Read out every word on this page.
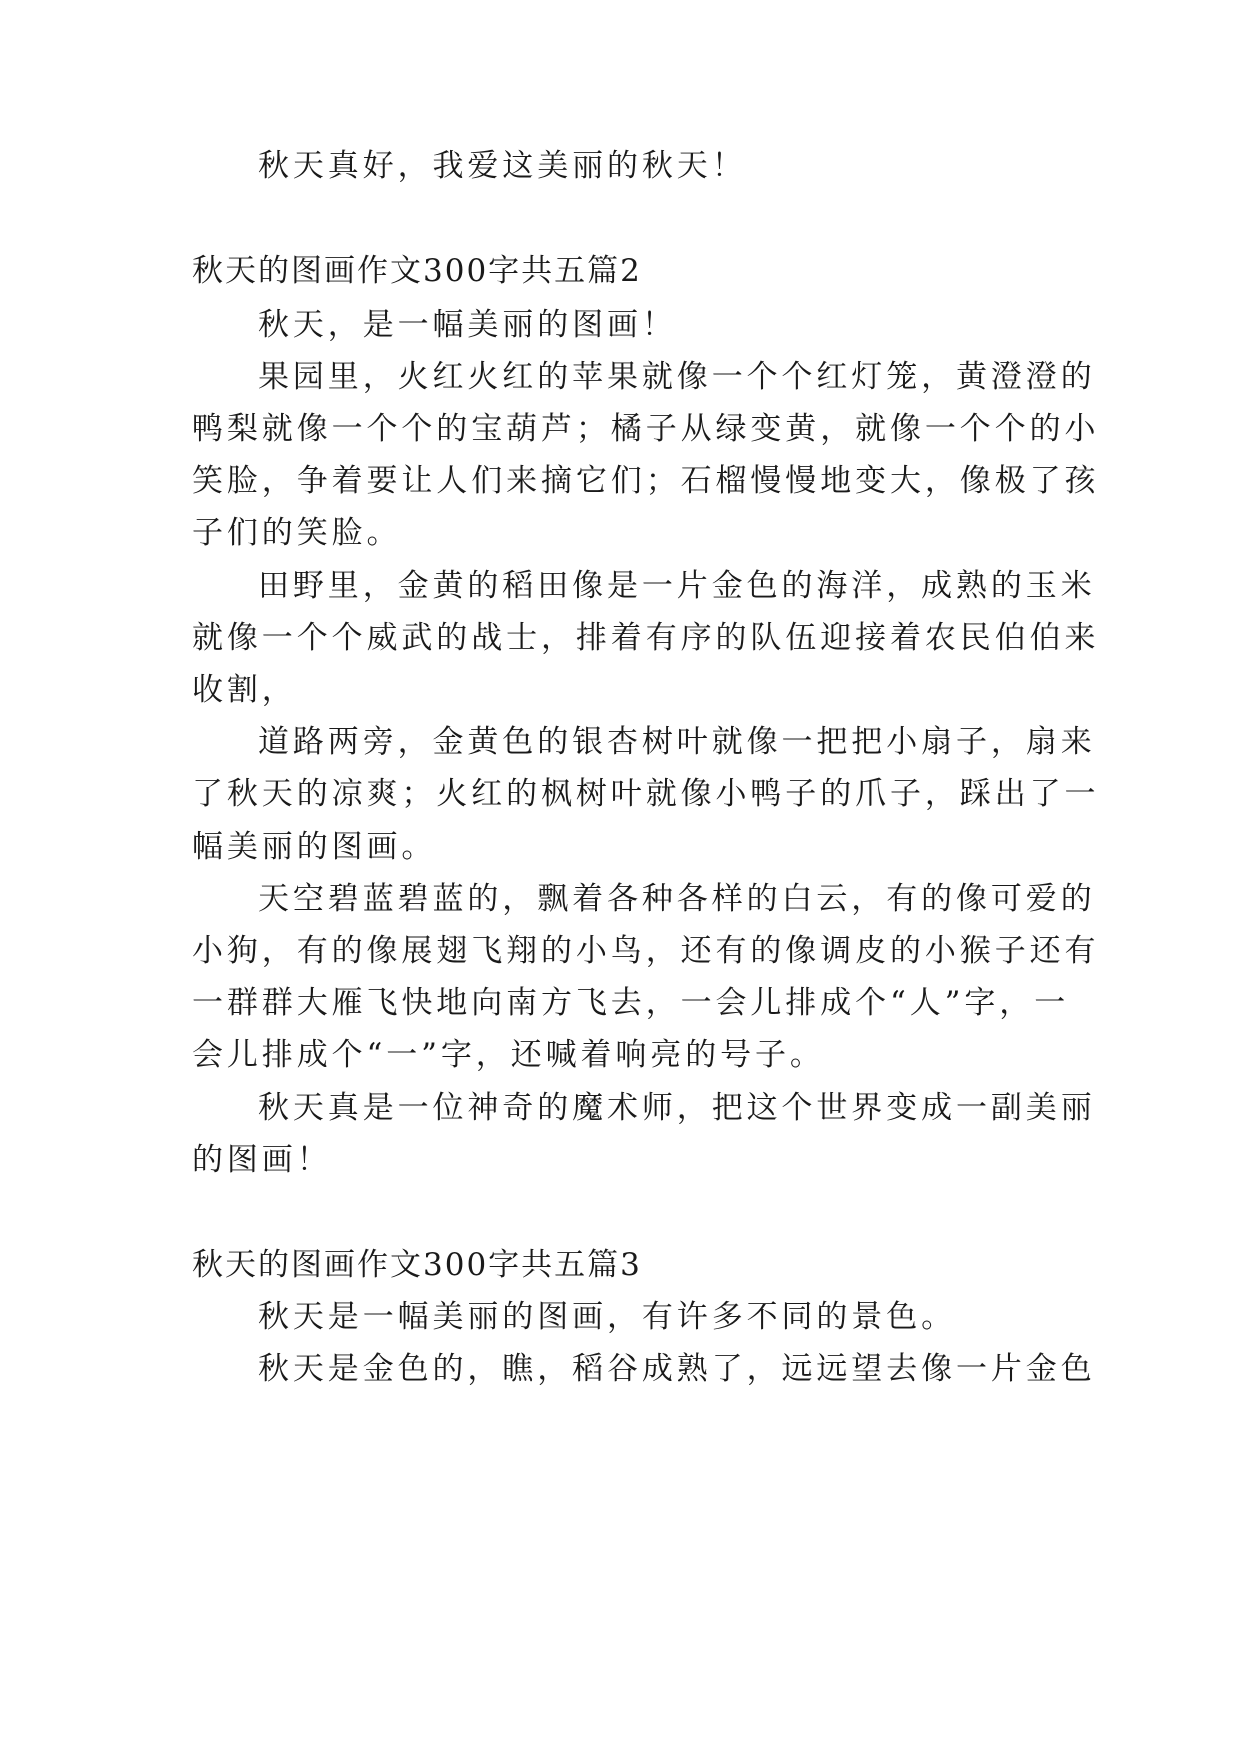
秋天真好，我爱这美丽的秋天！
秋天的图画作文300字共五篇2
秋天，是一幅美丽的图画！
果园里，火红火红的苹果就像一个个红灯笼，黄澄澄的
鸭梨就像一个个的宝葫芦；橘子从绿变黄，就像一个个的小
笑脸，争着要让人们来摘它们；石榴慢慢地变大，像极了孩
子们的笑脸。
田野里，金黄的稻田像是一片金色的海洋，成熟的玉米
就像一个个威武的战士，排着有序的队伍迎接着农民伯伯来
收割，
道路两旁，金黄色的银杏树叶就像一把把小扇子，扇来
了秋天的凉爽；火红的枫树叶就像小鸭子的爪子，踩出了一
幅美丽的图画。
天空碧蓝碧蓝的，飘着各种各样的白云，有的像可爱的
小狗，有的像展翅飞翔的小鸟，还有的像调皮的小猴子还有
一群群大雁飞快地向南方飞去，一会儿排成个“人”字，一
会儿排成个“一”字，还喊着响亮的号子。
秋天真是一位神奇的魔术师，把这个世界变成一副美丽
的图画！
秋天的图画作文300字共五篇3
秋天是一幅美丽的图画，有许多不同的景色。
秋天是金色的，瞧，稻谷成熟了，远远望去像一片金色
